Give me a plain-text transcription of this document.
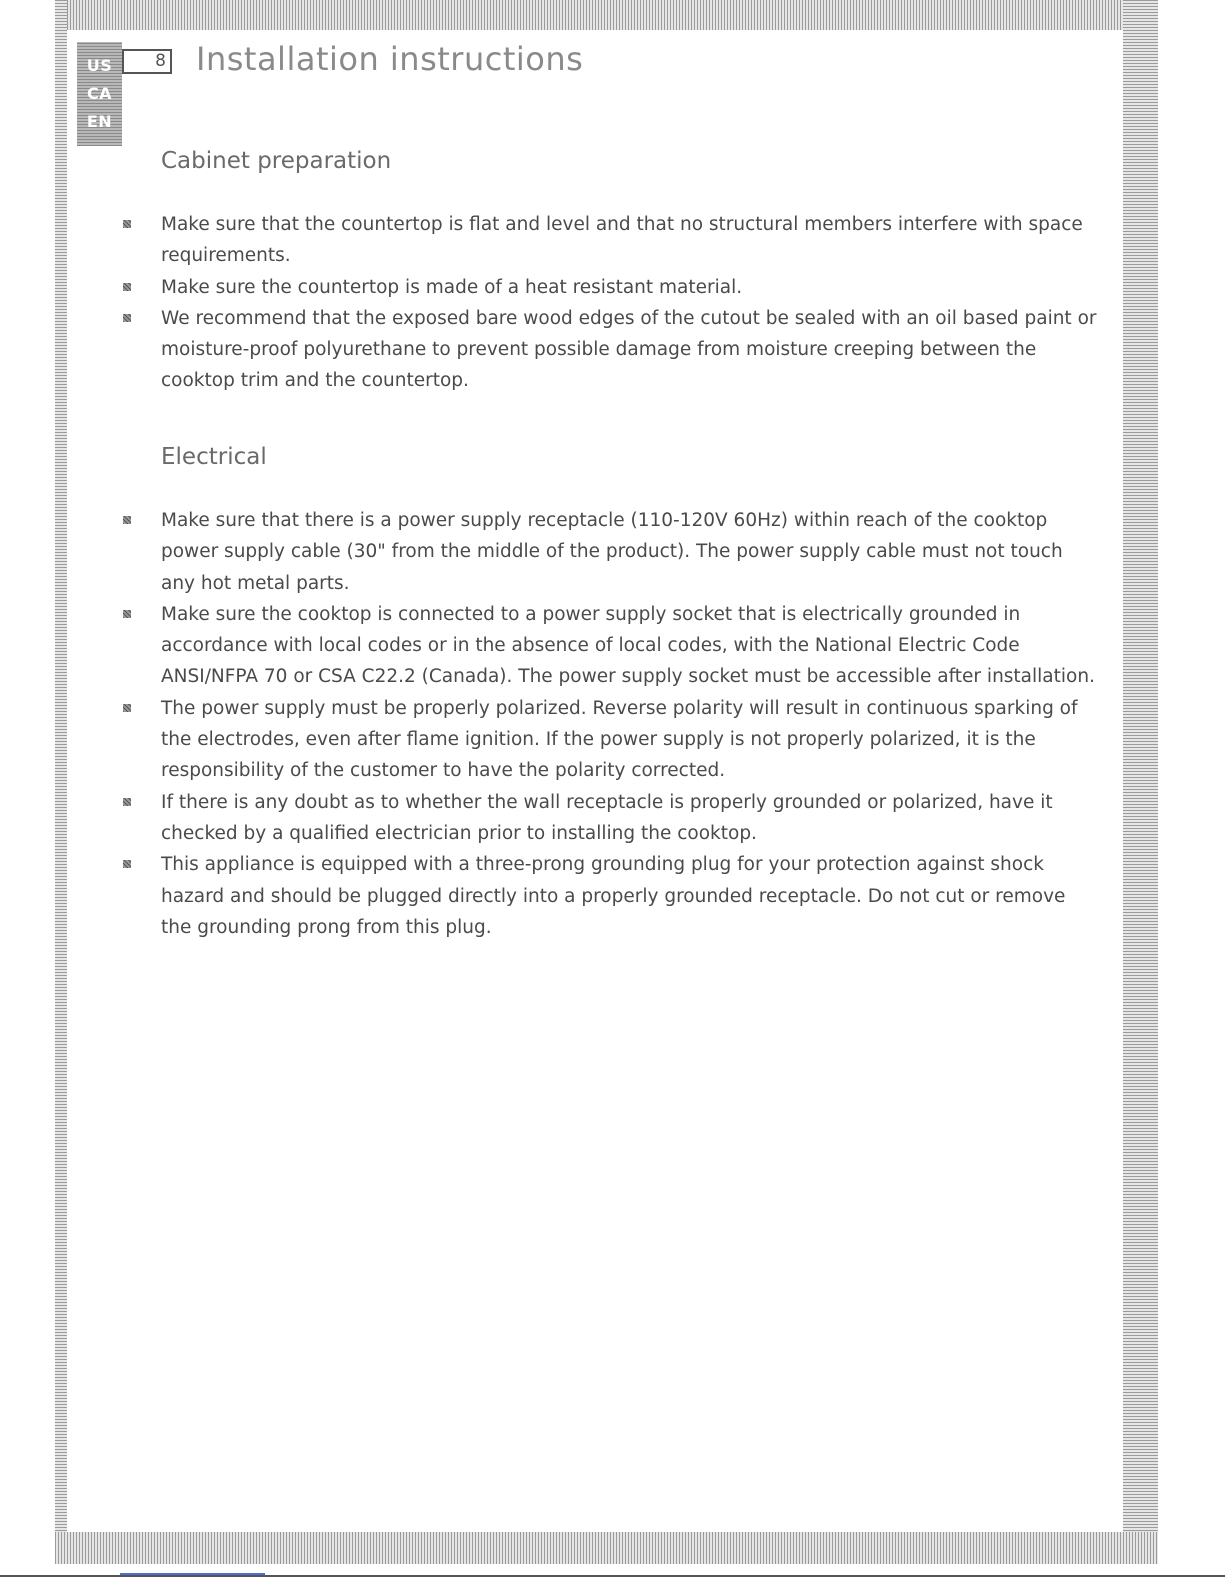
US
CA
EN
8 Installation instructions
Cabinet preparation
Make sure that the countertop is flat and level and that no structural members interfere with space requirements.
Make sure the countertop is made of a heat resistant material.
We recommend that the exposed bare wood edges of the cutout be sealed with an oil based paint or moisture-proof polyurethane to prevent possible damage from moisture creeping between the cooktop trim and the countertop.
Electrical
Make sure that there is a power supply receptacle (110-120V 60Hz) within reach of the cooktop power supply cable (30" from the middle of the product). The power supply cable must not touch any hot metal parts.
Make sure the cooktop is connected to a power supply socket that is electrically grounded in accordance with local codes or in the absence of local codes, with the National Electric Code ANSI/NFPA 70 or CSA C22.2 (Canada). The power supply socket must be accessible after installation.
The power supply must be properly polarized. Reverse polarity will result in continuous sparking of the electrodes, even after flame ignition. If the power supply is not properly polarized, it is the responsibility of the customer to have the polarity corrected.
If there is any doubt as to whether the wall receptacle is properly grounded or polarized, have it checked by a qualified electrician prior to installing the cooktop.
This appliance is equipped with a three-prong grounding plug for your protection against shock hazard and should be plugged directly into a properly grounded receptacle. Do not cut or remove the grounding prong from this plug.
